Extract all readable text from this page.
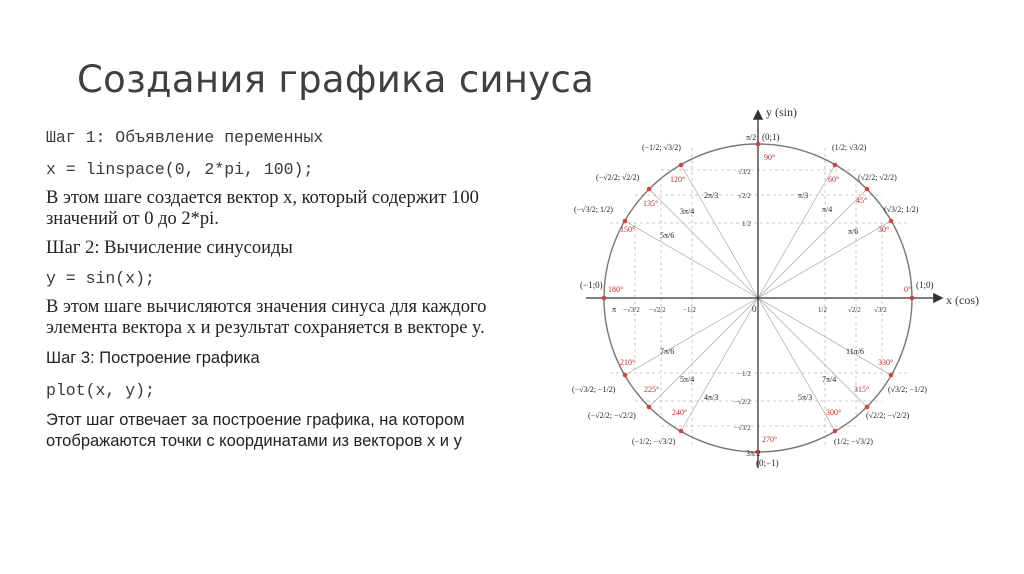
Создания графика синуса

Шаг 1: Объявление переменных

x = linspace(0, 2*pi, 100);

В этом шаге создается вектор x, который содержит 100 значений от 0 до 2*pi.

Шаг 2: Вычисление синусоиды

y = sin(x);

В этом шаге вычисляются значения синуса для каждого элемента вектора x и результат сохраняется в векторе y.

Шаг 3: Построение графика

plot(x, y);

Этот шаг отвечает за построение графика, на котором отображаются точки с координатами из векторов x и y

y (sin)
x (cos)
0
(0;1)
(0;−1)
(1;0)
(−1;0)	0°
30°
45°
60°
90°
120°
135°
150°
180°
210°
225°
240°
270°
300°
315°
330°
π/6
π/4
π/3
π/2
2π/3
3π/4
5π/6
π
7π/6
5π/4
4π/3
3π/2
5π/3
7π/4
11π/6
(√3/2; 1/2)
(√2/2; √2/2)
(1/2; √3/2)
(−1/2; √3/2)
(−√2/2; √2/2)
(−√3/2; 1/2)
(−√3/2; −1/2)
(−√2/2; −√2/2)
(−1/2; −√3/2)	(1/2; −√3/2)
(√2/2; −√2/2)
(√3/2; −1/2)
−√3/2 −√2/2 −1/2	1/2	√2/2 √3/2
√3/2
√2/2
1/2
−1/2
−√2/2
−√3/2
